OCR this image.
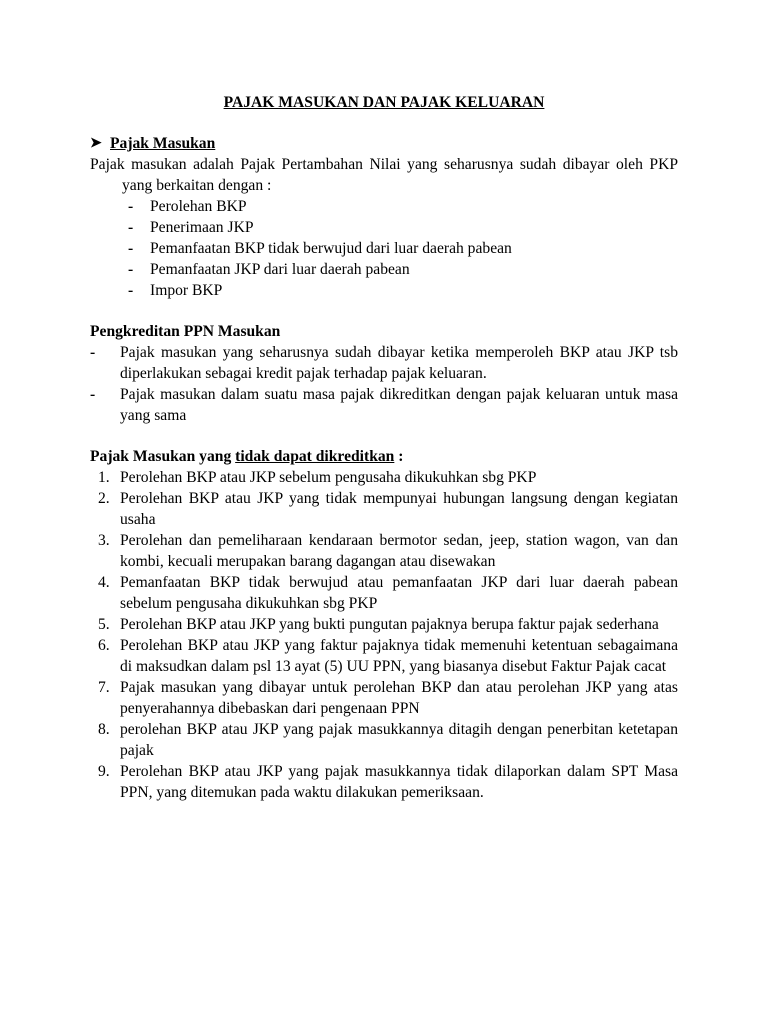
PAJAK MASUKAN DAN PAJAK KELUARAN
➤ Pajak Masukan

Pajak masukan adalah Pajak Pertambahan Nilai yang seharusnya sudah dibayar oleh PKP yang berkaitan dengan :

- Perolehan BKP
- Penerimaan JKP
- Pemanfaatan BKP tidak berwujud dari luar daerah pabean
- Pemanfaatan JKP dari luar daerah pabean
- Impor BKP
Pengkreditan PPN Masukan
- Pajak masukan yang seharusnya sudah dibayar ketika memperoleh BKP atau JKP tsb diperlakukan sebagai kredit pajak terhadap pajak keluaran.
- Pajak masukan dalam suatu masa pajak dikreditkan dengan pajak keluaran untuk masa yang sama
Pajak Masukan yang tidak dapat dikreditkan :
1. Perolehan BKP atau JKP sebelum pengusaha dikukuhkan sbg PKP
2. Perolehan BKP atau JKP yang tidak mempunyai hubungan langsung dengan kegiatan usaha
3. Perolehan dan pemeliharaan kendaraan bermotor sedan, jeep, station wagon, van dan kombi, kecuali merupakan barang dagangan atau disewakan
4. Pemanfaatan BKP tidak berwujud atau pemanfaatan JKP dari luar daerah pabean sebelum pengusaha dikukuhkan sbg PKP
5. Perolehan BKP atau JKP yang bukti pungutan pajaknya berupa faktur pajak sederhana
6. Perolehan BKP atau JKP yang faktur pajaknya tidak memenuhi ketentuan sebagaimana di maksudkan dalam psl 13 ayat (5) UU PPN, yang biasanya disebut Faktur Pajak cacat
7. Pajak masukan yang dibayar untuk perolehan BKP dan atau perolehan JKP yang atas penyerahannya dibebaskan dari pengenaan PPN
8. perolehan BKP atau JKP yang pajak masukkannya ditagih dengan penerbitan ketetapan pajak
9. Perolehan BKP atau JKP yang pajak masukkannya tidak dilaporkan dalam SPT Masa PPN, yang ditemukan pada waktu dilakukan pemeriksaan.
